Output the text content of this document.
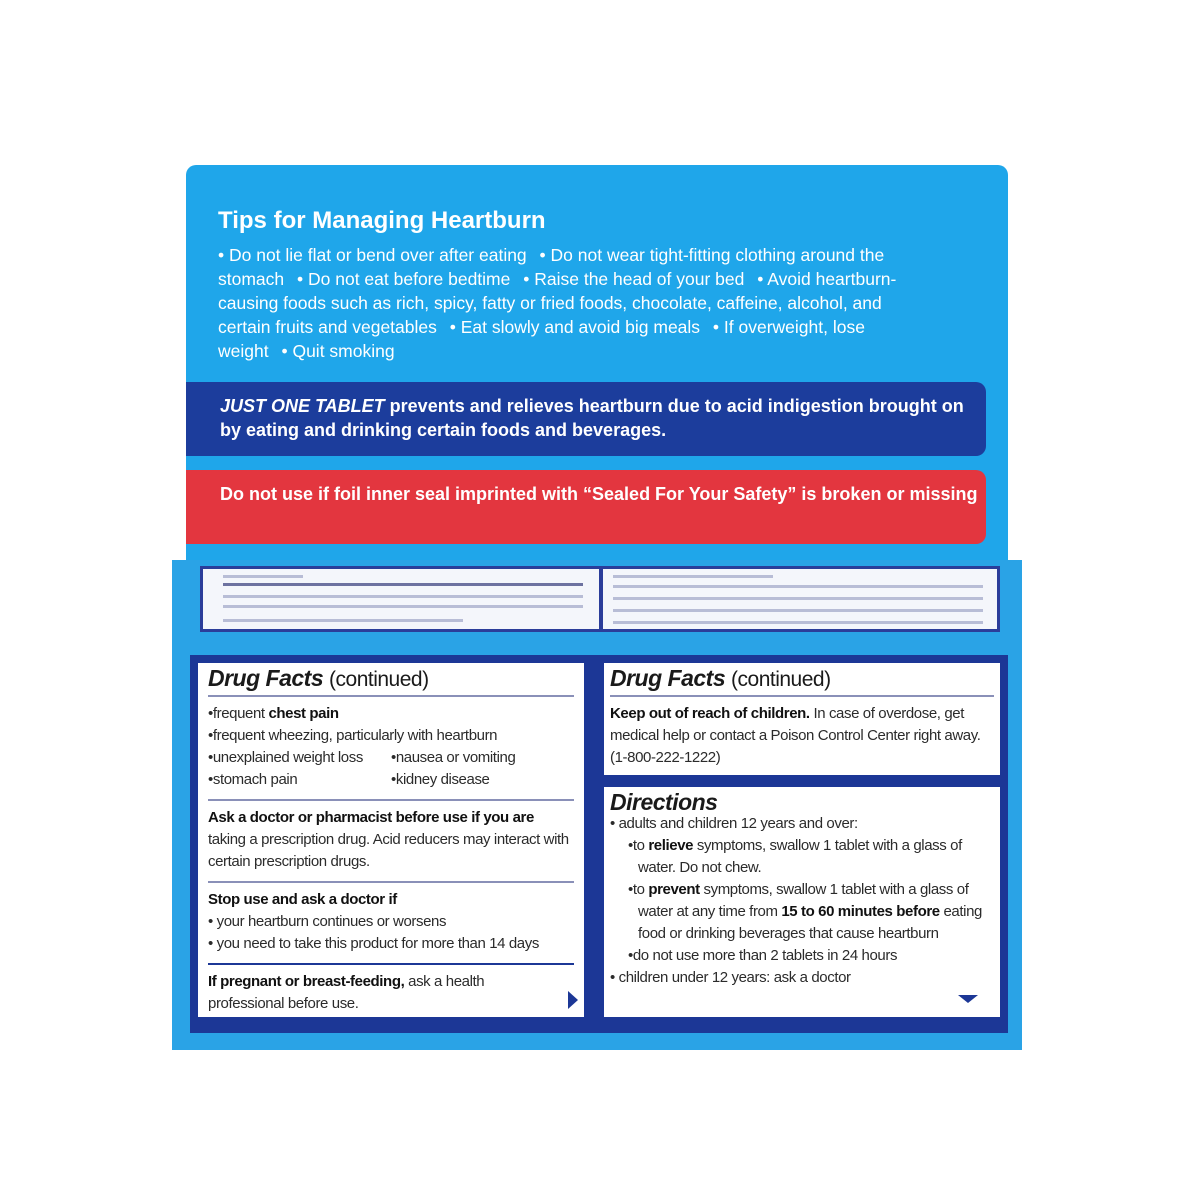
Tips for Managing Heartburn
• Do not lie flat or bend over after eating • Do not wear tight-fitting clothing around the stomach • Do not eat before bedtime • Raise the head of your bed • Avoid heartburn-causing foods such as rich, spicy, fatty or fried foods, chocolate, caffeine, alcohol, and certain fruits and vegetables • Eat slowly and avoid big meals • If overweight, lose weight • Quit smoking
JUST ONE TABLET prevents and relieves heartburn due to acid indigestion brought on by eating and drinking certain foods and beverages.
Do not use if foil inner seal imprinted with “Sealed For Your Safety” is broken or missing
Drug Facts (continued)
•frequent chest pain
•frequent wheezing, particularly with heartburn
•unexplained weight loss	•nausea or vomiting
•stomach pain	•kidney disease
Ask a doctor or pharmacist before use if you are
taking a prescription drug. Acid reducers may interact with certain prescription drugs.
Stop use and ask a doctor if
• your heartburn continues or worsens
• you need to take this product for more than 14 days
If pregnant or breast-feeding, ask a health professional before use.
Drug Facts (continued)
Keep out of reach of children. In case of overdose, get medical help or contact a Poison Control Center right away. (1-800-222-1222)
Directions
• adults and children 12 years and over:
•to relieve symptoms, swallow 1 tablet with a glass of water. Do not chew.
•to prevent symptoms, swallow 1 tablet with a glass of water at any time from 15 to 60 minutes before eating food or drinking beverages that cause heartburn
•do not use more than 2 tablets in 24 hours
• children under 12 years: ask a doctor
